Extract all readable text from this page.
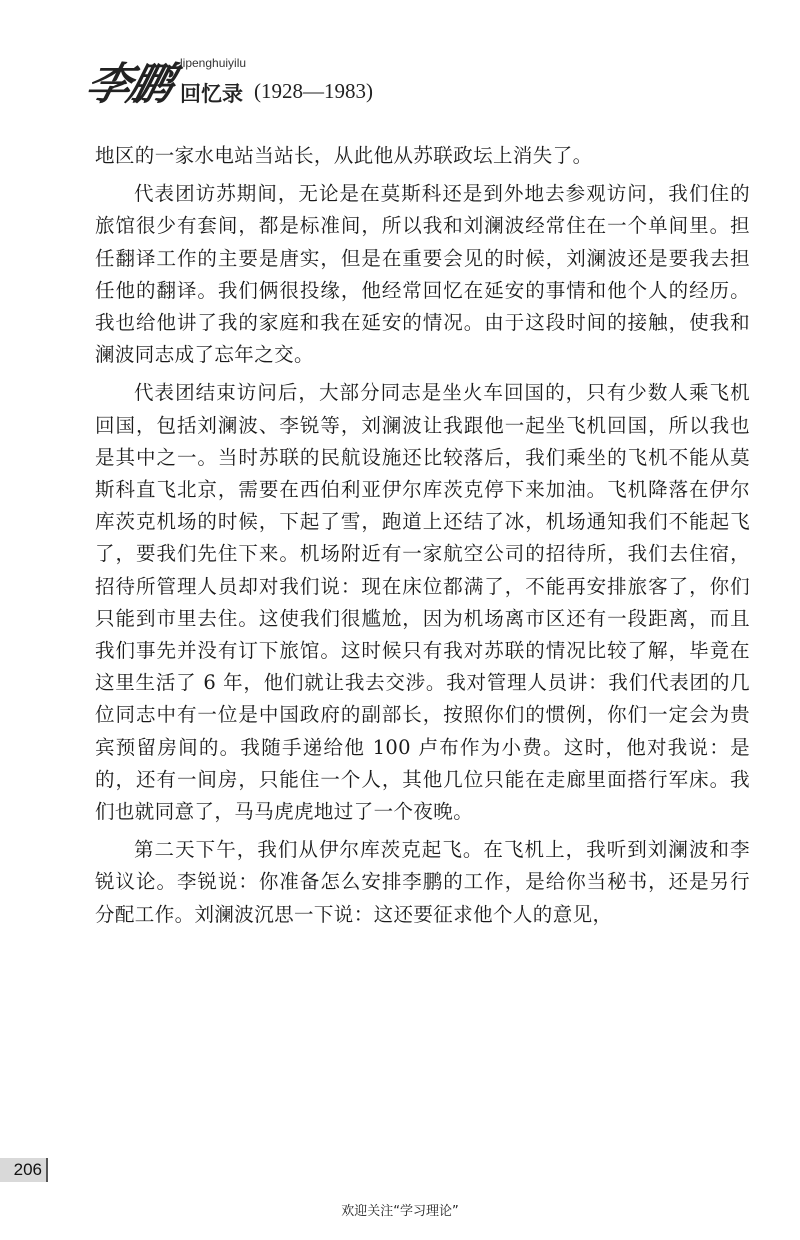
李鹏 lipenghuiyilu
回忆录 (1928—1983)

地区的一家水电站当站长，从此他从苏联政坛上消失了。

代表团访苏期间，无论是在莫斯科还是到外地去参观访问，我们住的旅馆很少有套间，都是标准间，所以我和刘澜波经常住在一个单间里。担任翻译工作的主要是唐实，但是在重要会见的时候，刘澜波还是要我去担任他的翻译。我们俩很投缘，他经常回忆在延安的事情和他个人的经历。我也给他讲了我的家庭和我在延安的情况。由于这段时间的接触，使我和澜波同志成了忘年之交。

代表团结束访问后，大部分同志是坐火车回国的，只有少数人乘飞机回国，包括刘澜波、李锐等，刘澜波让我跟他一起坐飞机回国，所以我也是其中之一。当时苏联的民航设施还比较落后，我们乘坐的飞机不能从莫斯科直飞北京，需要在西伯利亚伊尔库茨克停下来加油。飞机降落在伊尔库茨克机场的时候，下起了雪，跑道上还结了冰，机场通知我们不能起飞了，要我们先住下来。机场附近有一家航空公司的招待所，我们去住宿，招待所管理人员却对我们说：现在床位都满了，不能再安排旅客了，你们只能到市里去住。这使我们很尴尬，因为机场离市区还有一段距离，而且我们事先并没有订下旅馆。这时候只有我对苏联的情况比较了解，毕竟在这里生活了 6 年，他们就让我去交涉。我对管理人员讲：我们代表团的几位同志中有一位是中国政府的副部长，按照你们的惯例，你们一定会为贵宾预留房间的。我随手递给他 100 卢布作为小费。这时，他对我说：是的，还有一间房，只能住一个人，其他几位只能在走廊里面搭行军床。我们也就同意了，马马虎虎地过了一个夜晚。

第二天下午，我们从伊尔库茨克起飞。在飞机上，我听到刘澜波和李锐议论。李锐说：你准备怎么安排李鹏的工作，是给你当秘书，还是另行分配工作。刘澜波沉思一下说：这还要征求他个人的意见，

206
欢迎关注“学习理论”
